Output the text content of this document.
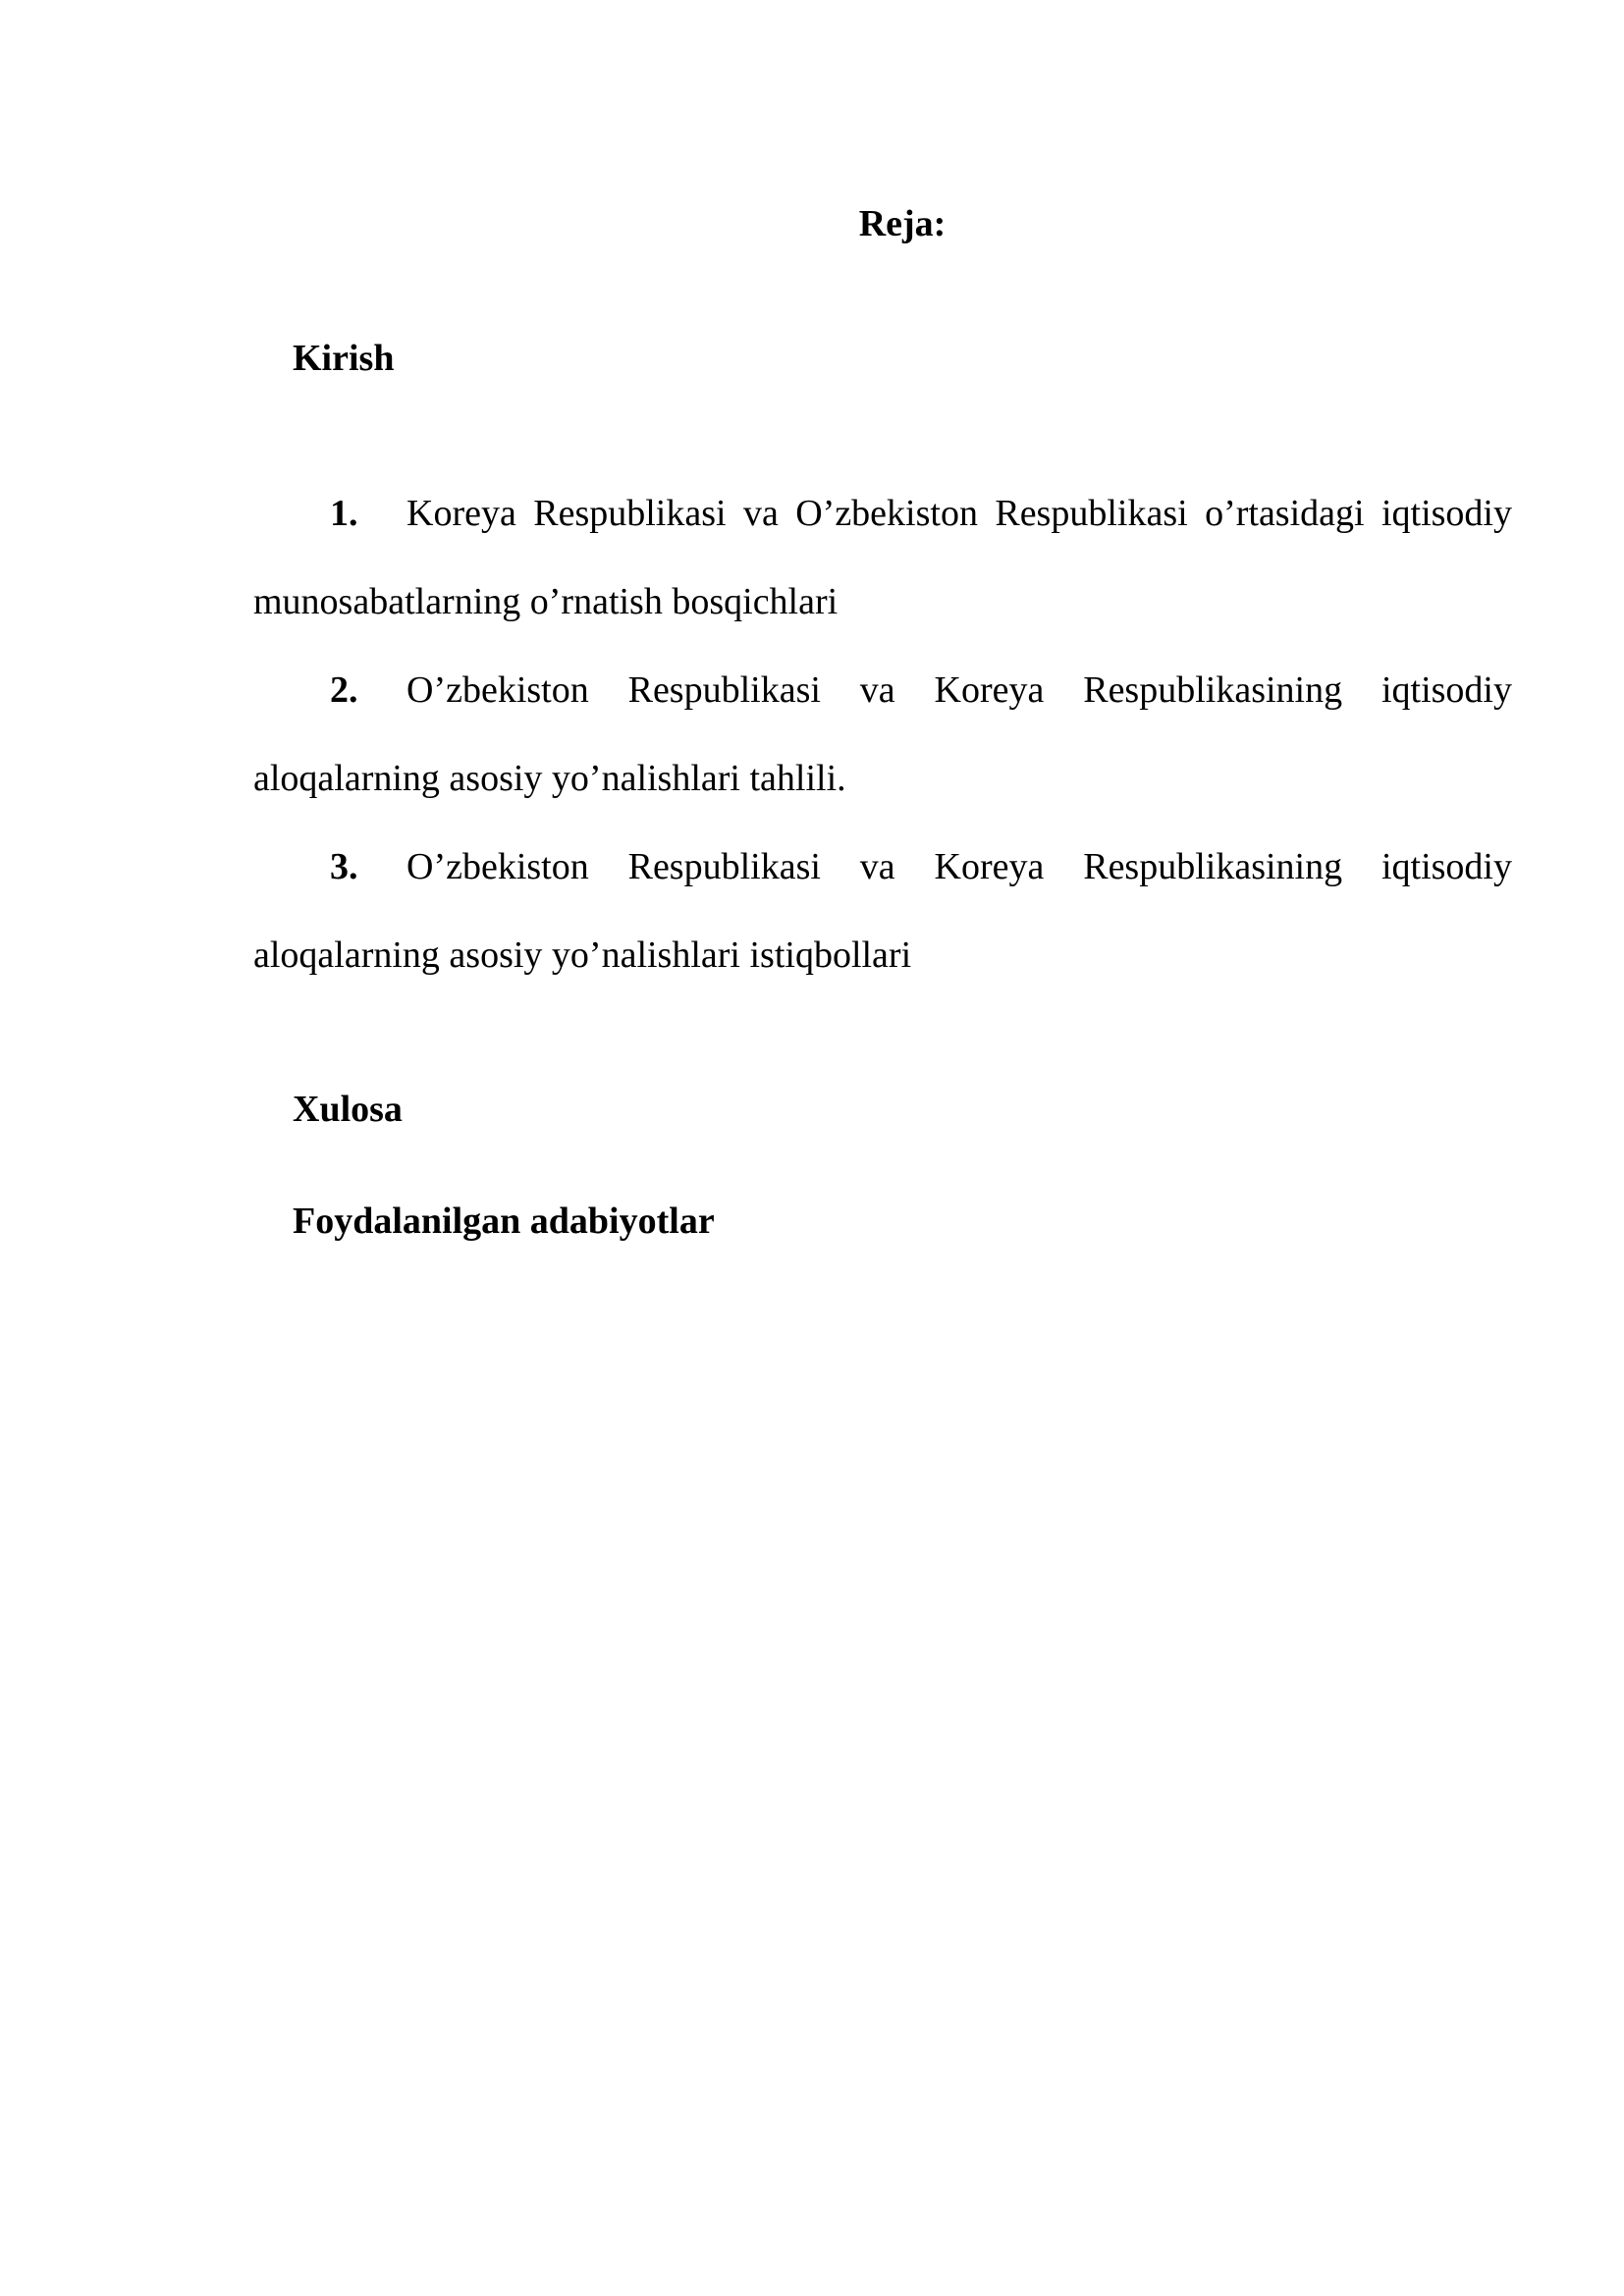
Reja:
Kirish
1.	Koreya Respublikasi va O’zbekiston Respublikasi o’rtasidagi iqtisodiy
munosabatlarning o’rnatish bosqichlari
2.	O’zbekiston Respublikasi va Koreya Respublikasining iqtisodiy
aloqalarning asosiy yo’nalishlari tahlili.
3.	O’zbekiston Respublikasi va Koreya Respublikasining iqtisodiy
aloqalarning asosiy yo’nalishlari istiqbollari
Xulosa
Foydalanilgan adabiyotlar
